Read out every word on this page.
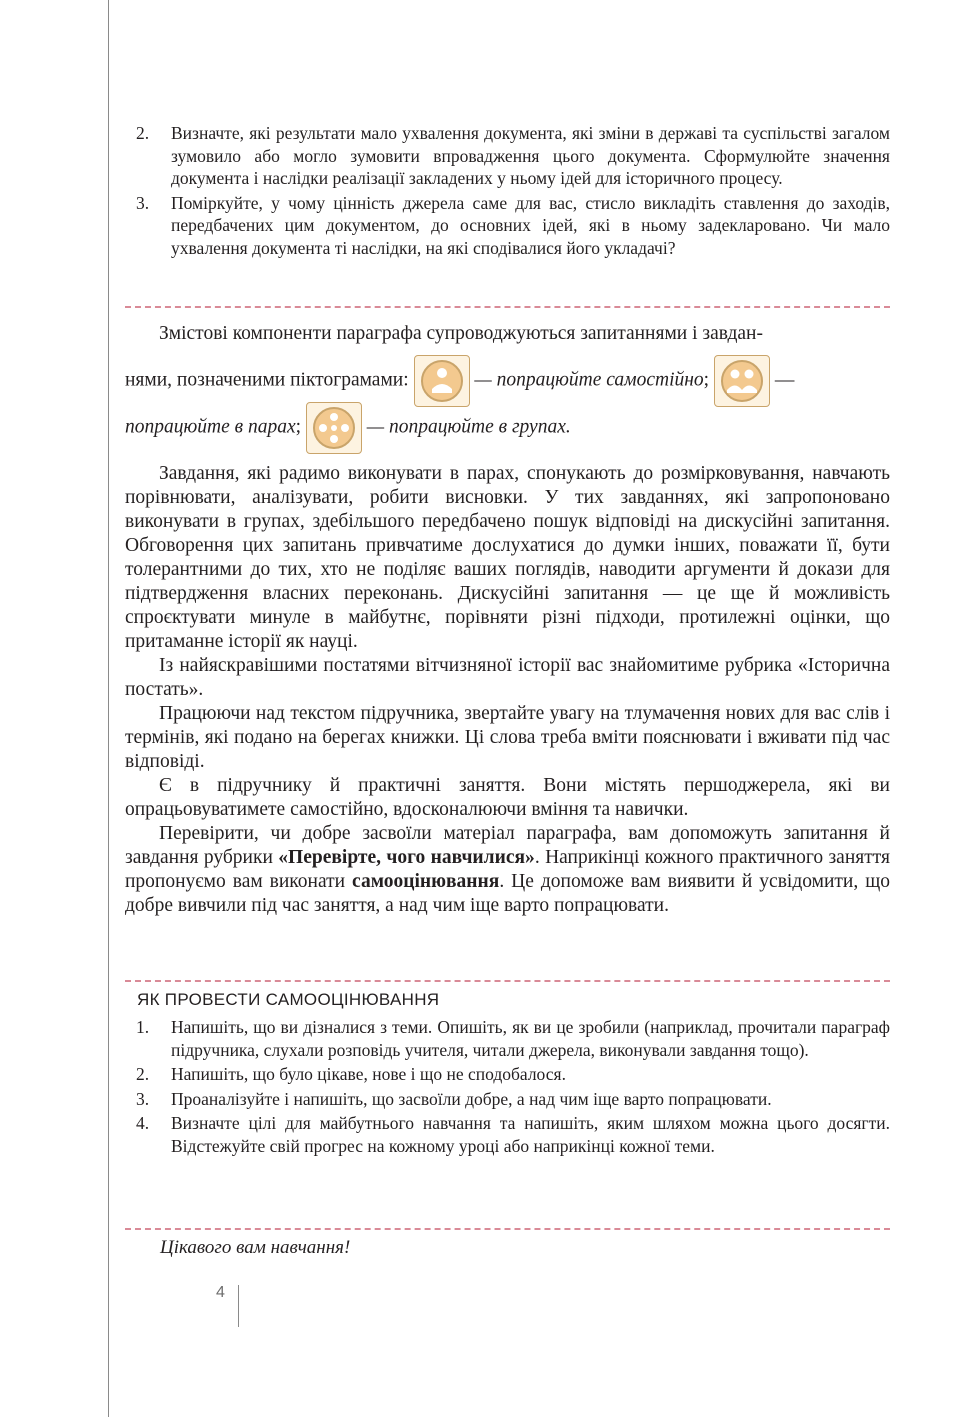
2. Визначте, які результати мало ухвалення документа, які зміни в державі та суспільстві загалом зумовило або могло зумовити впровадження цього документа. Сформулюйте значення документа і наслідки реалізації закладених у ньому ідей для історичного процесу.
3. Поміркуйте, у чому цінність джерела саме для вас, стисло викладіть ставлення до заходів, передбачених цим документом, до основних ідей, які в ньому задекларовано. Чи мало ухвалення документа ті наслідки, на які сподівалися його укладачі?

Змістові компоненти параграфа супроводжуються запитаннями і завдан-

нями, позначеними піктограмами:	— попрацюйте самостійно;	—
попрацюйте в парах;	— попрацюйте в групах.

Завдання, які радимо виконувати в парах, спонукають до розмірковування, навчають порівнювати, аналізувати, робити висновки. У тих завданнях, які запропоновано виконувати в групах, здебільшого передбачено пошук відповіді на дискусійні запитання. Обговорення цих запитань привчатиме дослухатися до думки інших, поважати її, бути толерантними до тих, хто не поділяє ваших поглядів, наводити аргументи й докази для підтвердження власних переконань. Дискусійні запитання — це ще й можливість спроєктувати минуле в майбутнє, порівняти різні підходи, протилежні оцінки, що притаманне історії як науці.

Із найяскравішими постатями вітчизняної історії вас знайомитиме рубрика «Історична постать».

Працюючи над текстом підручника, звертайте увагу на тлумачення нових для вас слів і термінів, які подано на берегах книжки. Ці слова треба вміти пояснювати і вживати під час відповіді.

Є в підручнику й практичні заняття. Вони містять першоджерела, які ви опрацьовуватимете самостійно, вдосконалюючи вміння та навички.

Перевірити, чи добре засвоїли матеріал параграфа, вам допоможуть запитання й завдання рубрики «Перевірте, чого навчилися». Наприкінці кожного практичного заняття пропонуємо вам виконати самооцінювання. Це допоможе вам виявити й усвідомити, що добре вивчили під час заняття, а над чим іще варто попрацювати.

ЯК ПРОВЕСТИ САМООЦІНЮВАННЯ
1. Напишіть, що ви дізналися з теми. Опишіть, як ви це зробили (наприклад, прочитали параграф підручника, слухали розповідь учителя, читали джерела, виконували завдання тощо).
2. Напишіть, що було цікаве, нове і що не сподобалося.
3. Проаналізуйте і напишіть, що засвоїли добре, а над чим іще варто попрацювати.
4. Визначте цілі для майбутнього навчання та напишіть, яким шляхом можна цього досягти. Відстежуйте свій прогрес на кожному уроці або наприкінці кожної теми.
Цікавого вам навчання!
4
